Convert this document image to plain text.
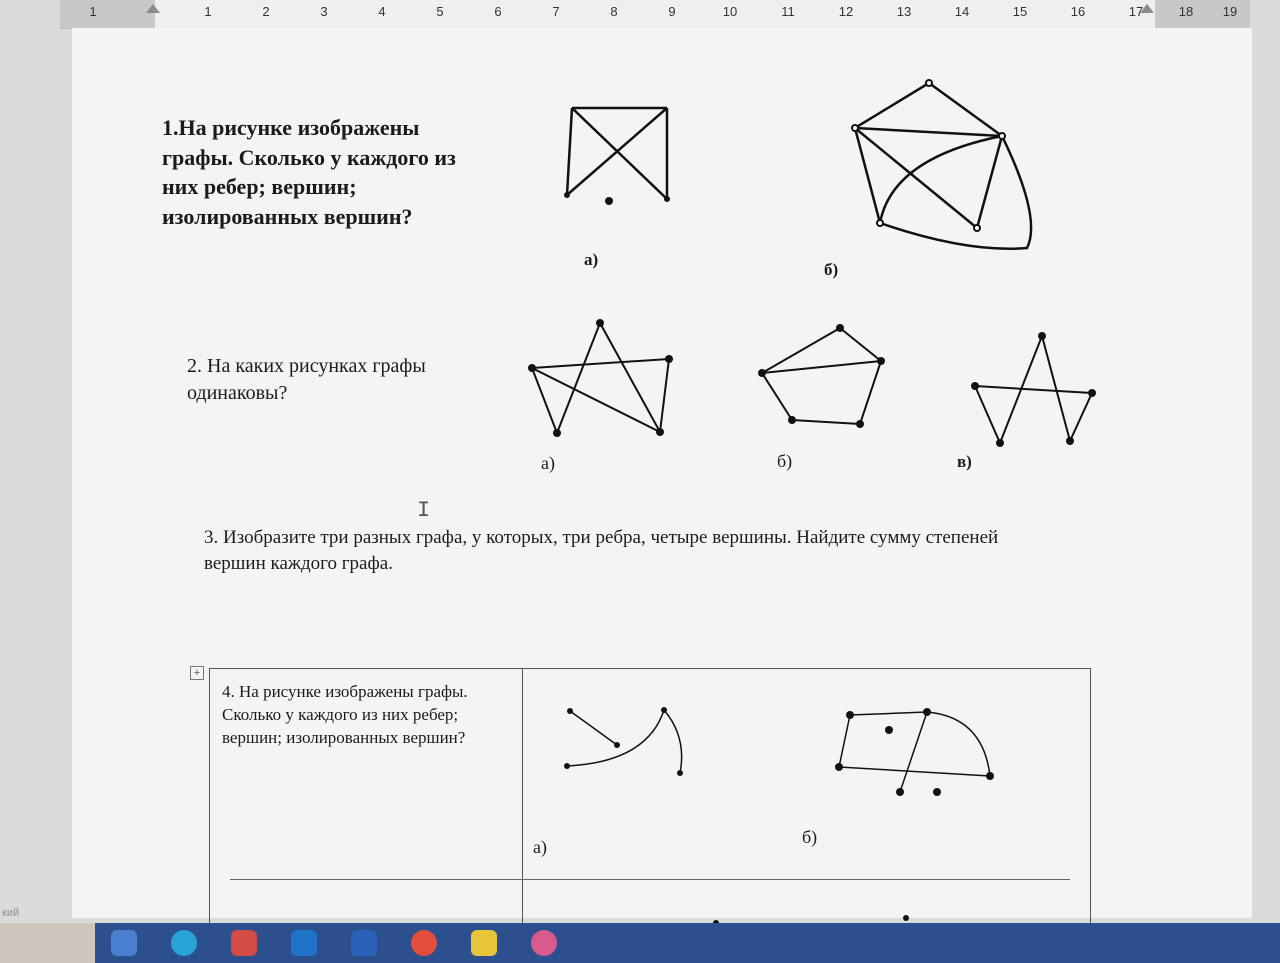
1	1	2	3	4	5	6	7	8	9	10	11	12	13	14	15	16	17	18 19
кий
1.На рисунке изображены графы. Сколько у каждого из них ребер; вершин; изолированных вершин?
а)
б)
2. На каких рисунках графы одинаковы?
а)	б)	в)
I
3. Изобразите три разных графа, у которых, три ребра, четыре вершины. Найдите сумму степеней вершин каждого графа.
+
4. На рисунке изображены графы. Сколько у каждого из них ребер; вершин; изолированных вершин?
а)	б)
